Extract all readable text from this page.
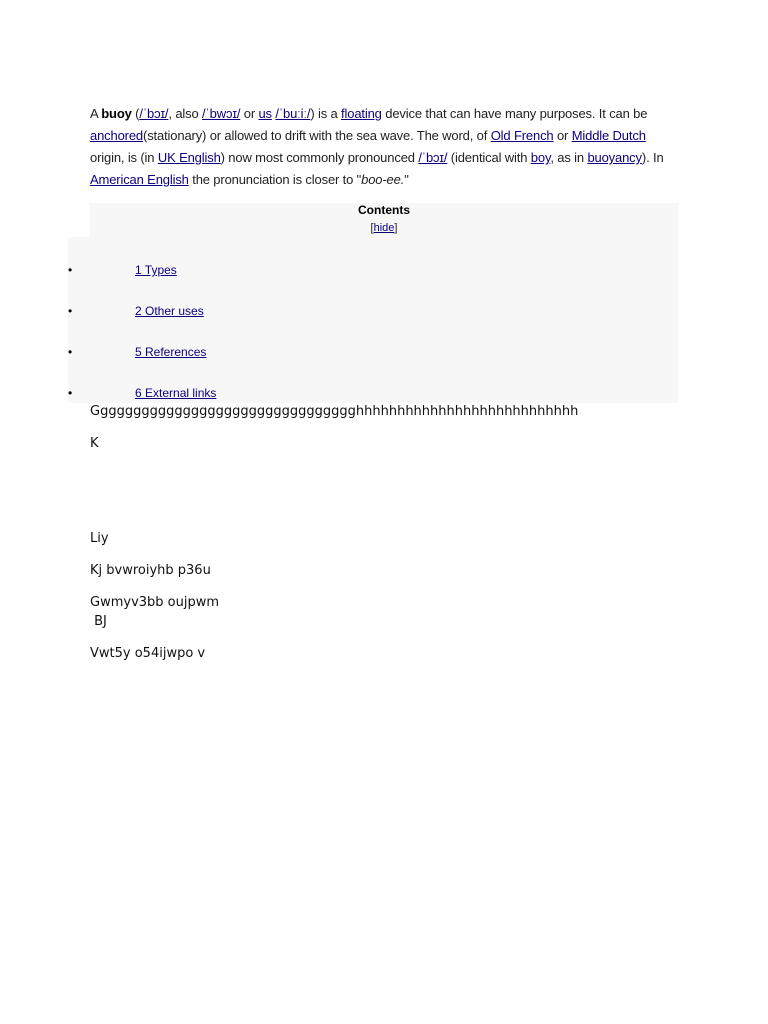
A buoy (/ˈbɔɪ/, also /ˈbwɔɪ/ or us /ˈbuːiː/) is a floating device that can have many purposes. It can be anchored(stationary) or allowed to drift with the sea wave. The word, of Old French or Middle Dutch origin, is (in UK English) now most commonly pronounced /ˈbɔɪ/ (identical with boy, as in buoyancy). In American English the pronunciation is closer to "boo-ee."
Contents
[hide]
•	1 Types
•	2 Other uses
•	5 References
•	6 External links
Gggggggggggggggggggggggggggggggghhhhhhhhhhhhhhhhhhhhhhhhhhh
K
Liy
Kj bvwroiyhb p36u
Gwmyv3bb oujpwm
BJ
Vwt5y o54ijwpo v
